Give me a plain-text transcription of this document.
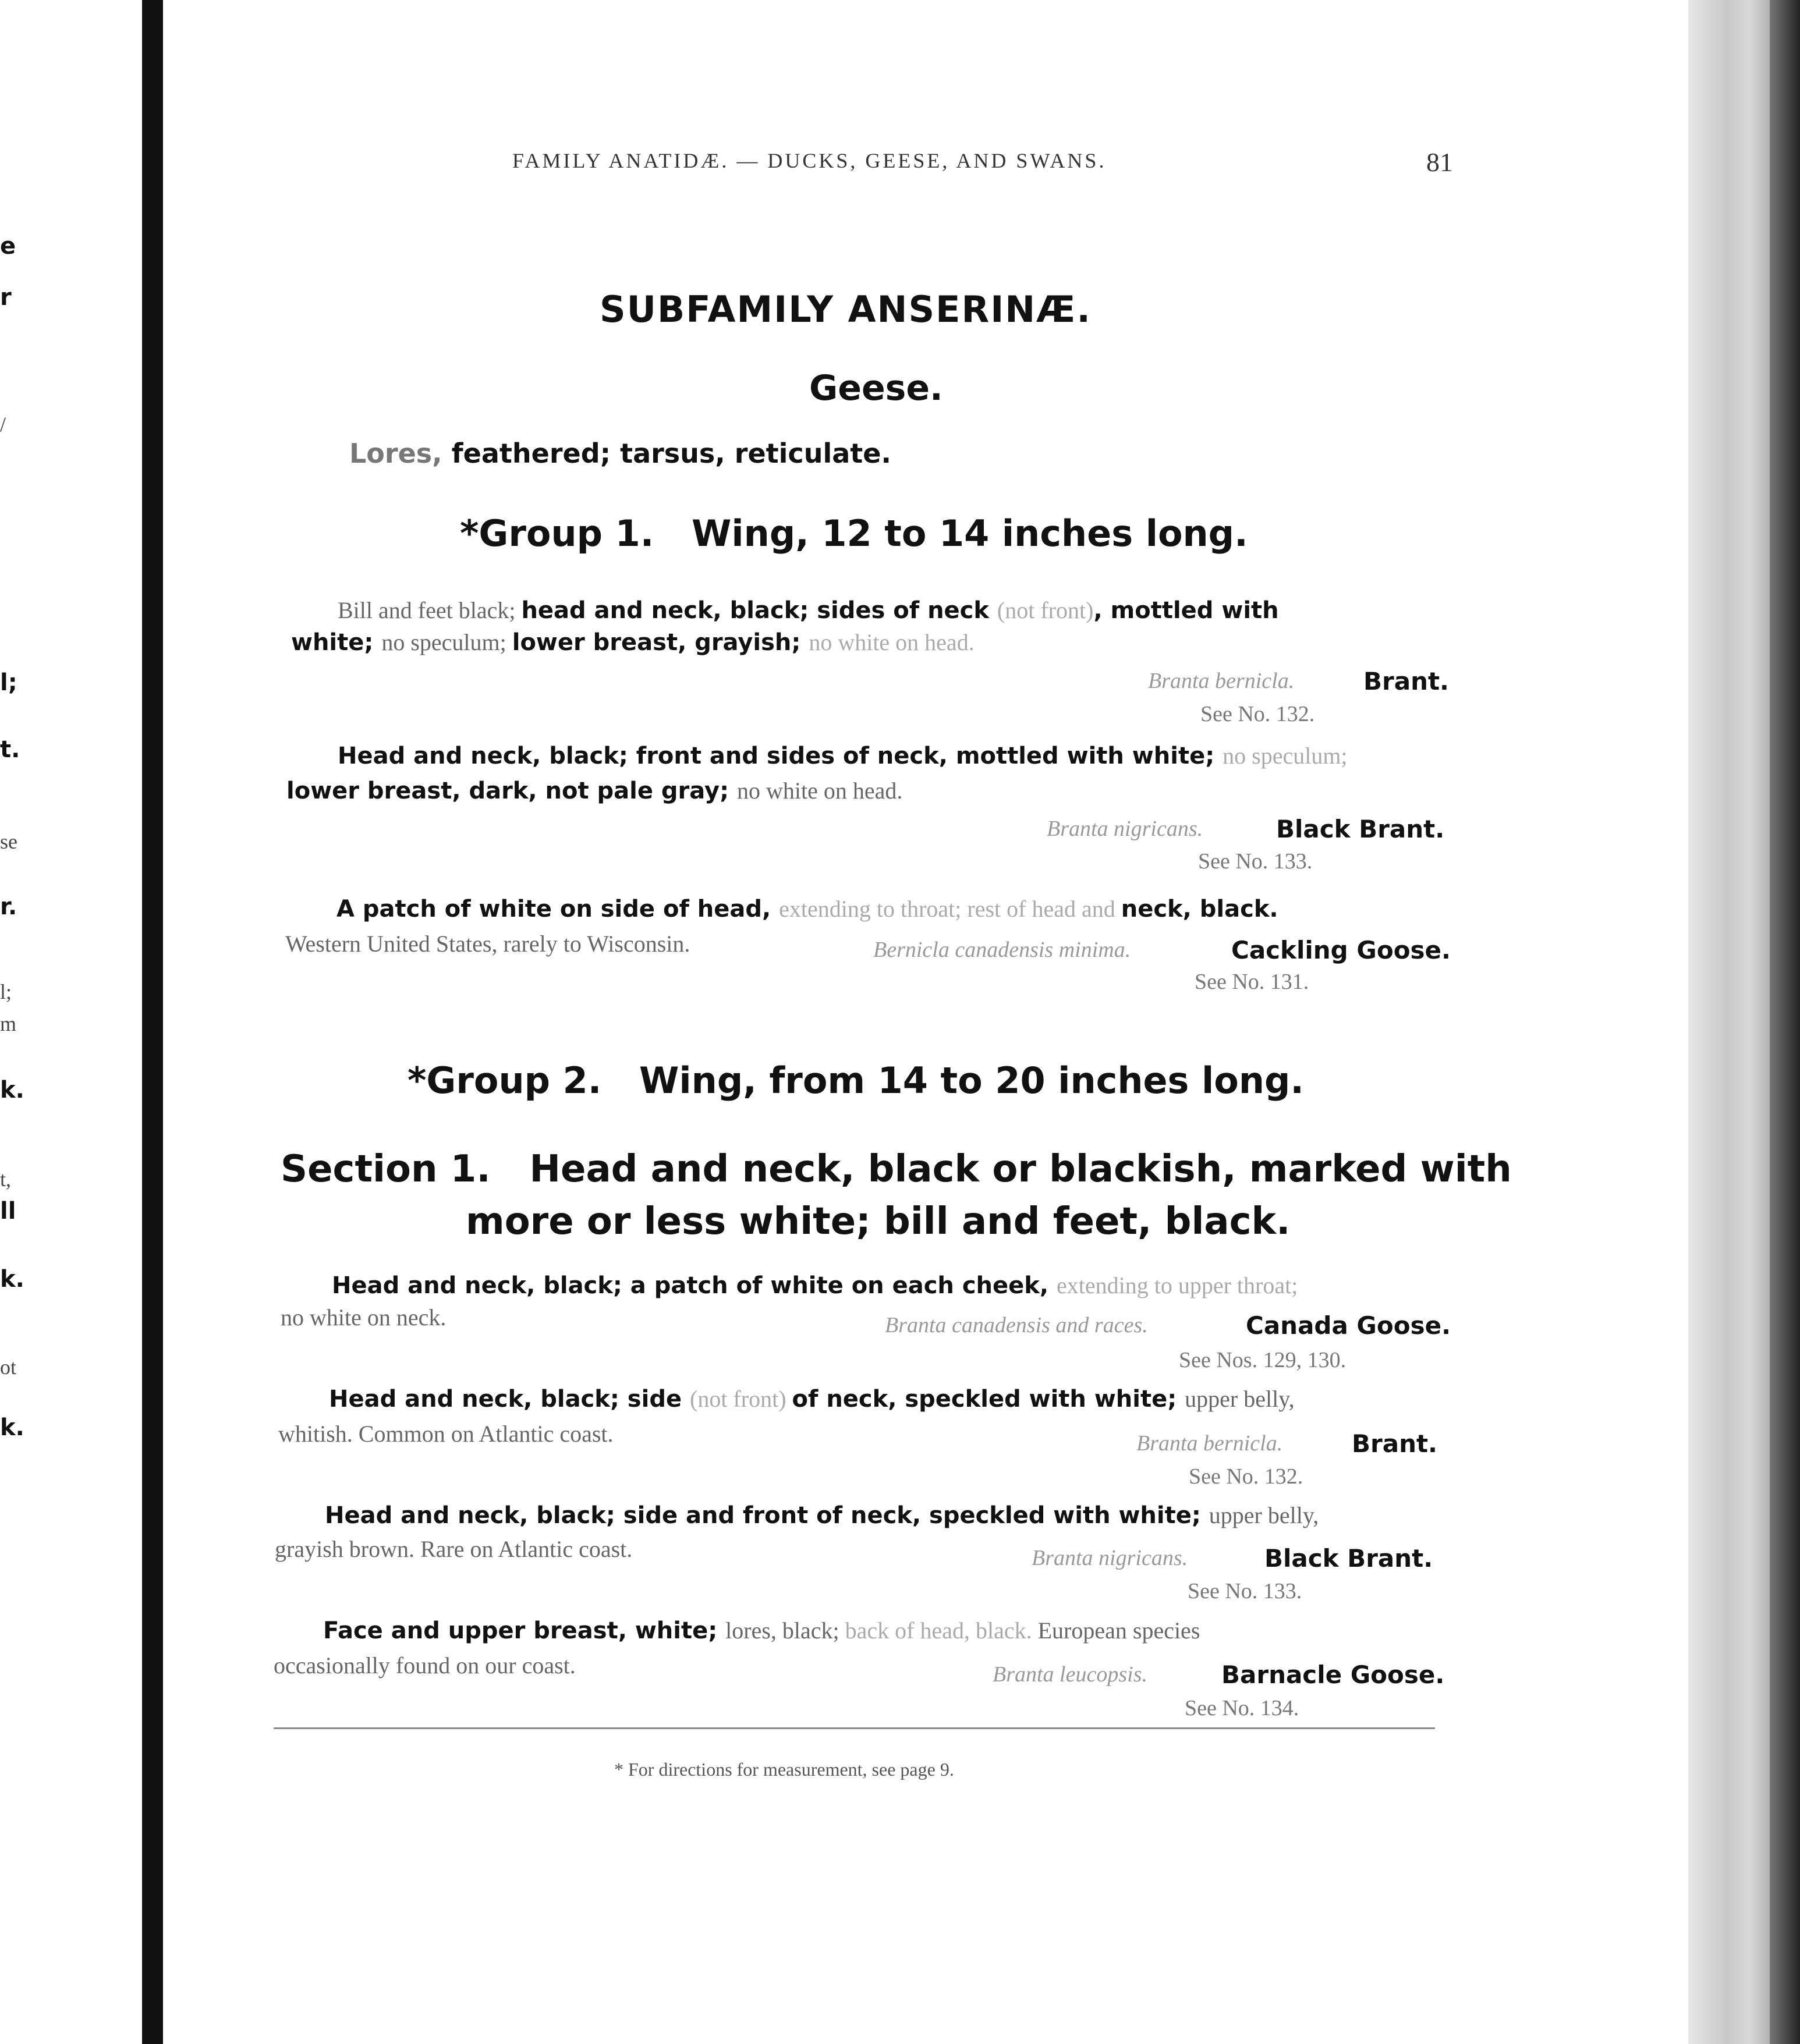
e
r
/
l;
t.
se
r.
l;
m
k.
t,
ll
k.
ot
k.
FAMILY ANATIDÆ. — DUCKS, GEESE, AND SWANS.	81
SUBFAMILY ANSERINÆ.
Geese.
Lores, feathered; tarsus, reticulate.
*Group 1.   Wing, 12 to 14 inches long.
Bill and feet black; head and neck, black; sides of neck (not front), mottled with
white; no speculum; lower breast, grayish; no white on head.
Branta bernicla.	Brant.
See No. 132.
Head and neck, black; front and sides of neck, mottled with white; no speculum;
lower breast, dark, not pale gray; no white on head.
Branta nigricans.	Black Brant.
See No. 133.
A patch of white on side of head, extending to throat; rest of head and neck, black.
Western United States, rarely to Wisconsin.	Bernicla canadensis minima.	Cackling Goose.
See No. 131.
*Group 2.   Wing, from 14 to 20 inches long.
Section 1.   Head and neck, black or blackish, marked with
more or less white; bill and feet, black.
Head and neck, black; a patch of white on each cheek, extending to upper throat;
no white on neck.	Branta canadensis and races.	Canada Goose.
See Nos. 129, 130.
Head and neck, black; side (not front) of neck, speckled with white; upper belly,
whitish. Common on Atlantic coast.	Branta bernicla.	Brant.
See No. 132.
Head and neck, black; side and front of neck, speckled with white; upper belly,
grayish brown. Rare on Atlantic coast.	Branta nigricans.	Black Brant.
See No. 133.
Face and upper breast, white; lores, black; back of head, black. European species
occasionally found on our coast.	Branta leucopsis.	Barnacle Goose.
See No. 134.
* For directions for measurement, see page 9.
